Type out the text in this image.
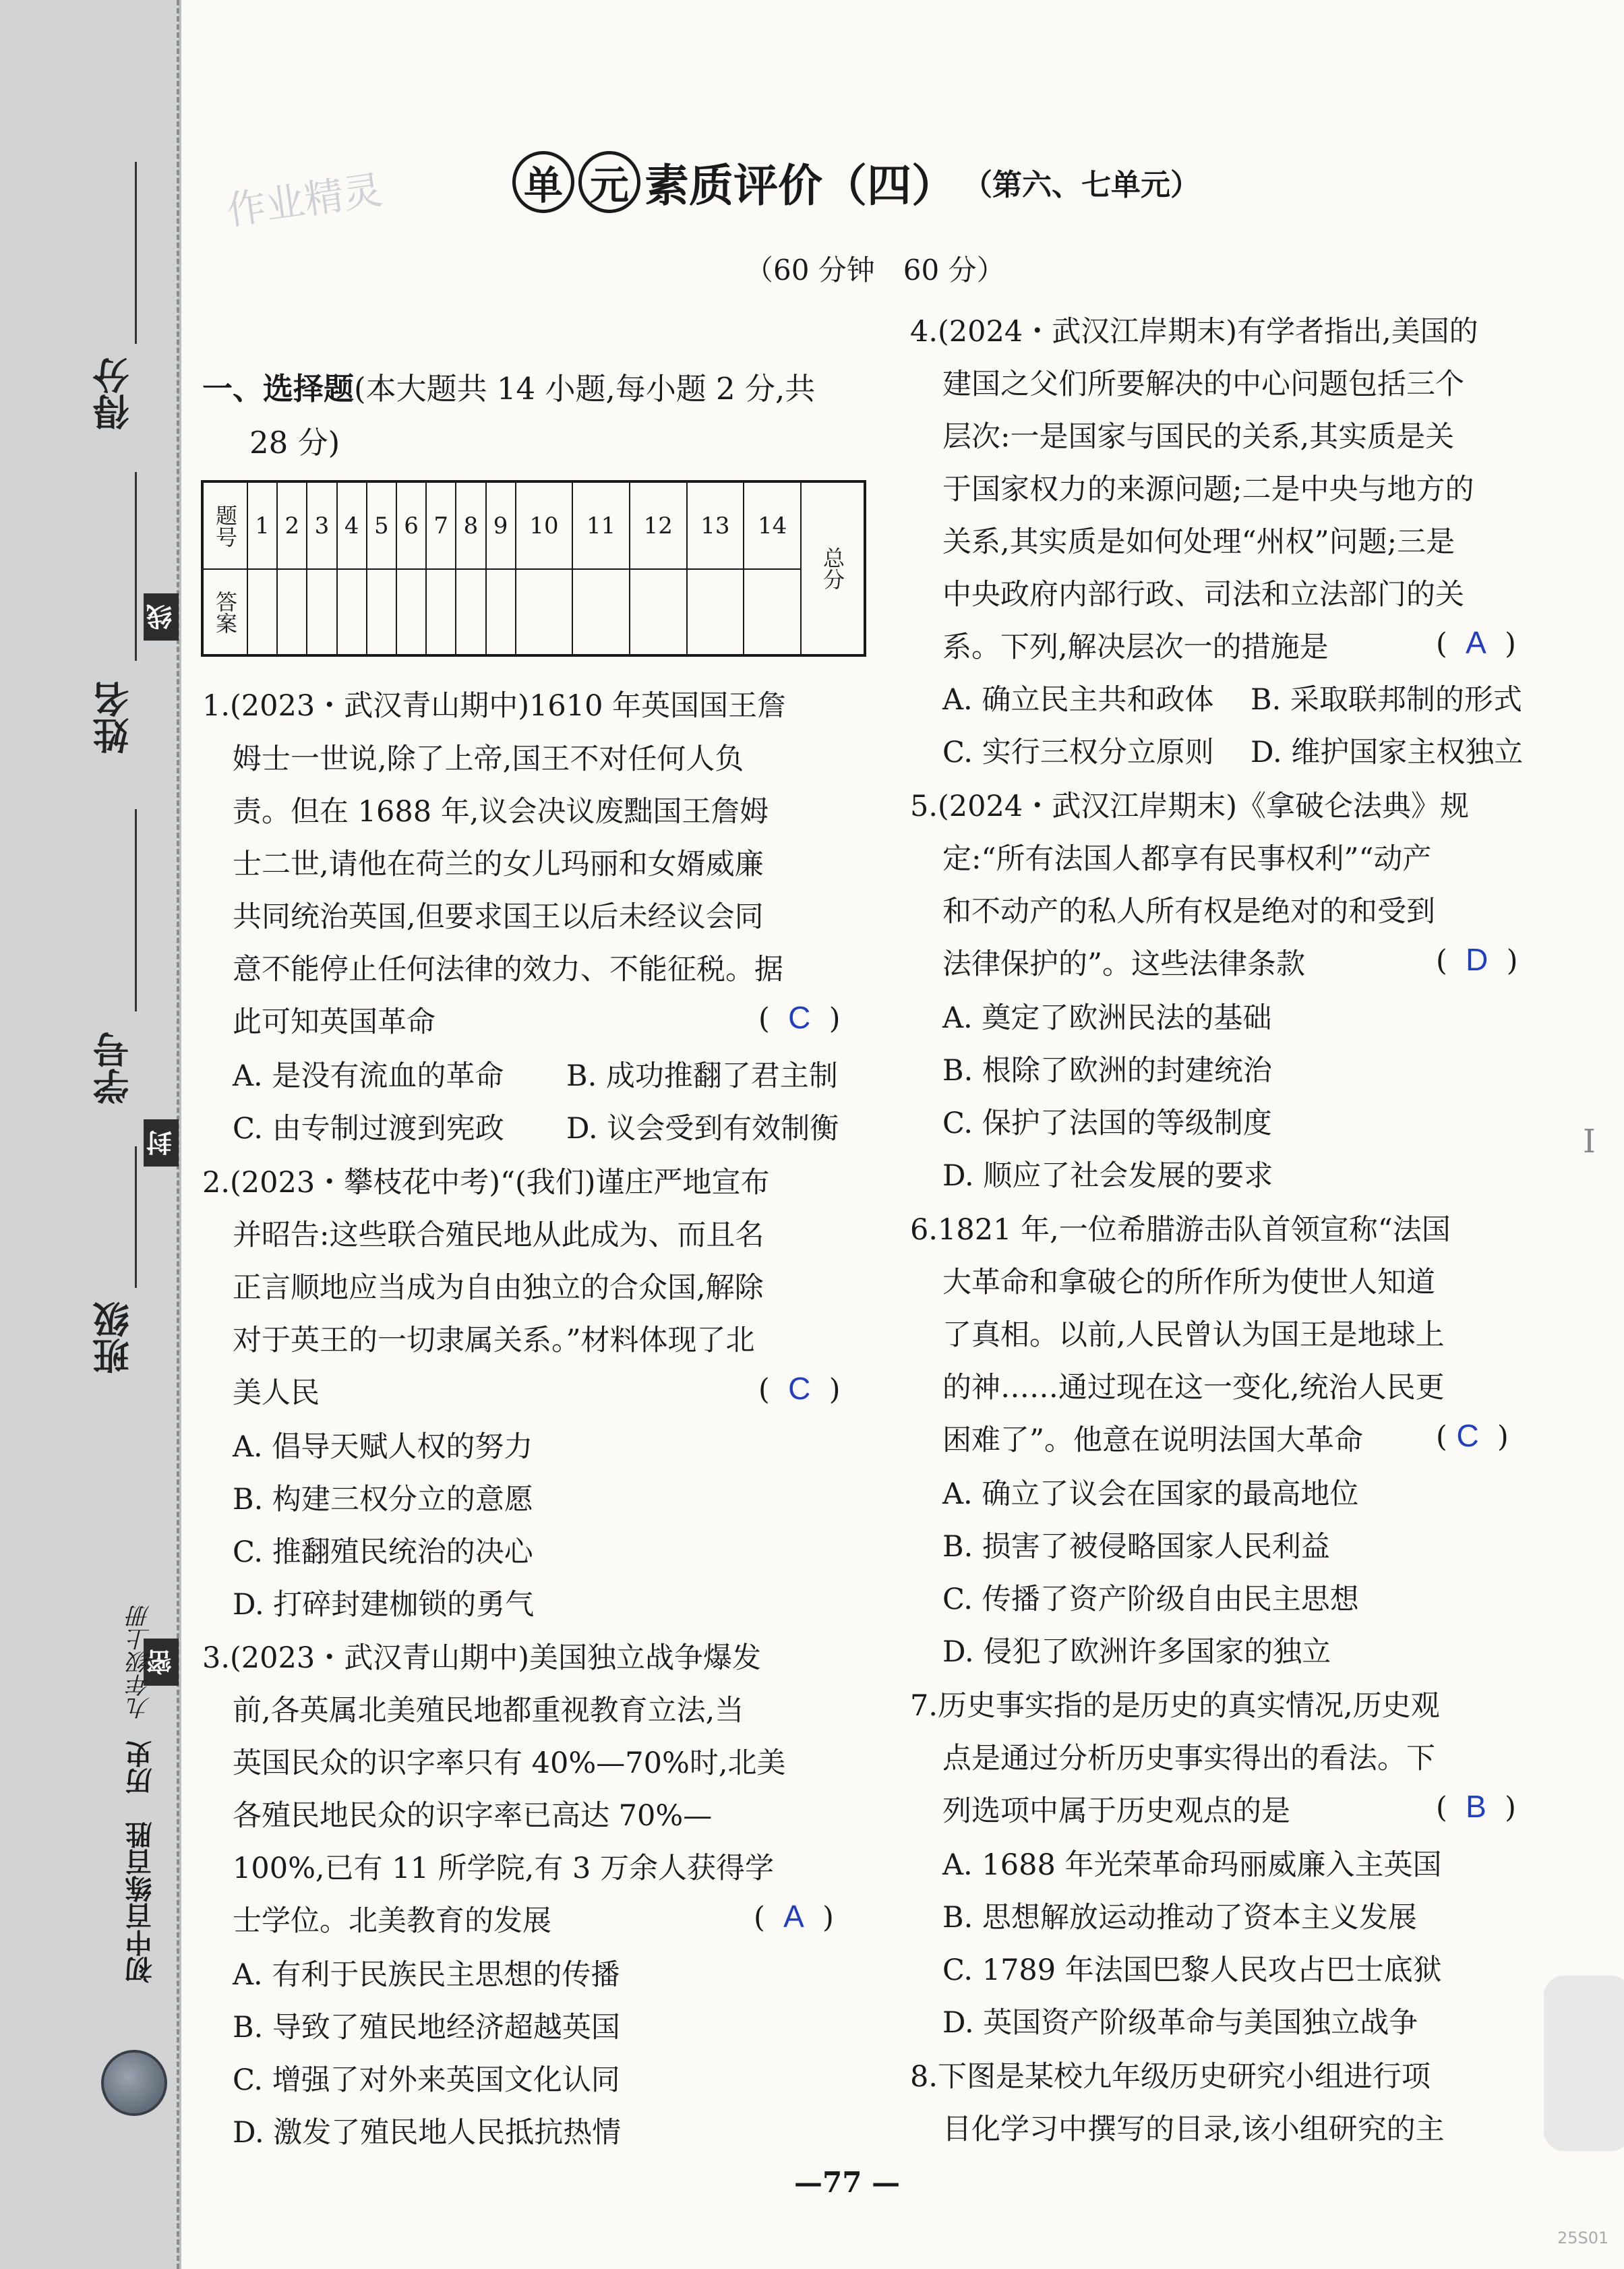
得分
姓名
线
学号
封
班级
密
初中百练百胜　历史 九年级上册
作业精灵	单 元 素质评价（四） （第六、七单元）
（60 分钟　60 分）
一、选择题(本大题共 14 小题,每小题 2 分,共
28 分)
题号	1	2	3	4	5	6	7	8	9	10	11	12	13	14	总分
答案															
1.(2023・武汉青山期中)1610 年英国国王詹
姆士一世说,除了上帝,国王不对任何人负
责。但在 1688 年,议会决议废黜国王詹姆
士二世,请他在荷兰的女儿玛丽和女婿威廉
共同统治英国,但要求国王以后未经议会同
意不能停止任何法律的效力、不能征税。据
此可知英国革命	(  C  )
A. 是没有流血的革命 B. 成功推翻了君主制
C. 由专制过渡到宪政 D. 议会受到有效制衡
2.(2023・攀枝花中考)“(我们)谨庄严地宣布
并昭告:这些联合殖民地从此成为、而且名
正言顺地应当成为自由独立的合众国,解除
对于英王的一切隶属关系。”材料体现了北
美人民	(  C  )
A. 倡导天赋人权的努力
B. 构建三权分立的意愿
C. 推翻殖民统治的决心
D. 打碎封建枷锁的勇气
3.(2023・武汉青山期中)美国独立战争爆发
前,各英属北美殖民地都重视教育立法,当
英国民众的识字率只有 40%—70%时,北美
各殖民地民众的识字率已高达 70%—
100%,已有 11 所学院,有 3 万余人获得学
士学位。北美教育的发展	(  A  )
A. 有利于民族民主思想的传播
B. 导致了殖民地经济超越英国
C. 增强了对外来英国文化认同
D. 激发了殖民地人民抵抗热情
4.(2024・武汉江岸期末)有学者指出,美国的
建国之父们所要解决的中心问题包括三个
层次:一是国家与国民的关系,其实质是关
于国家权力的来源问题;二是中央与地方的
关系,其实质是如何处理“州权”问题;三是
中央政府内部行政、司法和立法部门的关
系。下列,解决层次一的措施是	(  A  )
A. 确立民主共和政体 B. 采取联邦制的形式
C. 实行三权分立原则 D. 维护国家主权独立
5.(2024・武汉江岸期末)《拿破仑法典》规
定:“所有法国人都享有民事权利”“动产
和不动产的私人所有权是绝对的和受到
法律保护的”。这些法律条款	(  D  )
A. 奠定了欧洲民法的基础
B. 根除了欧洲的封建统治
C. 保护了法国的等级制度
D. 顺应了社会发展的要求
6.1821 年,一位希腊游击队首领宣称“法国
大革命和拿破仑的所作所为使世人知道
了真相。以前,人民曾认为国王是地球上
的神……通过现在这一变化,统治人民更
困难了”。他意在说明法国大革命	( C  )
A. 确立了议会在国家的最高地位
B. 损害了被侵略国家人民利益
C. 传播了资产阶级自由民主思想
D. 侵犯了欧洲许多国家的独立
7.历史事实指的是历史的真实情况,历史观
点是通过分析历史事实得出的看法。下
列选项中属于历史观点的是	(  B  )
A. 1688 年光荣革命玛丽威廉入主英国
B. 思想解放运动推动了资本主义发展
C. 1789 年法国巴黎人民攻占巴士底狱
D. 英国资产阶级革命与美国独立战争
8.下图是某校九年级历史研究小组进行项
目化学习中撰写的目录,该小组研究的主
I
—77 —
25S01
